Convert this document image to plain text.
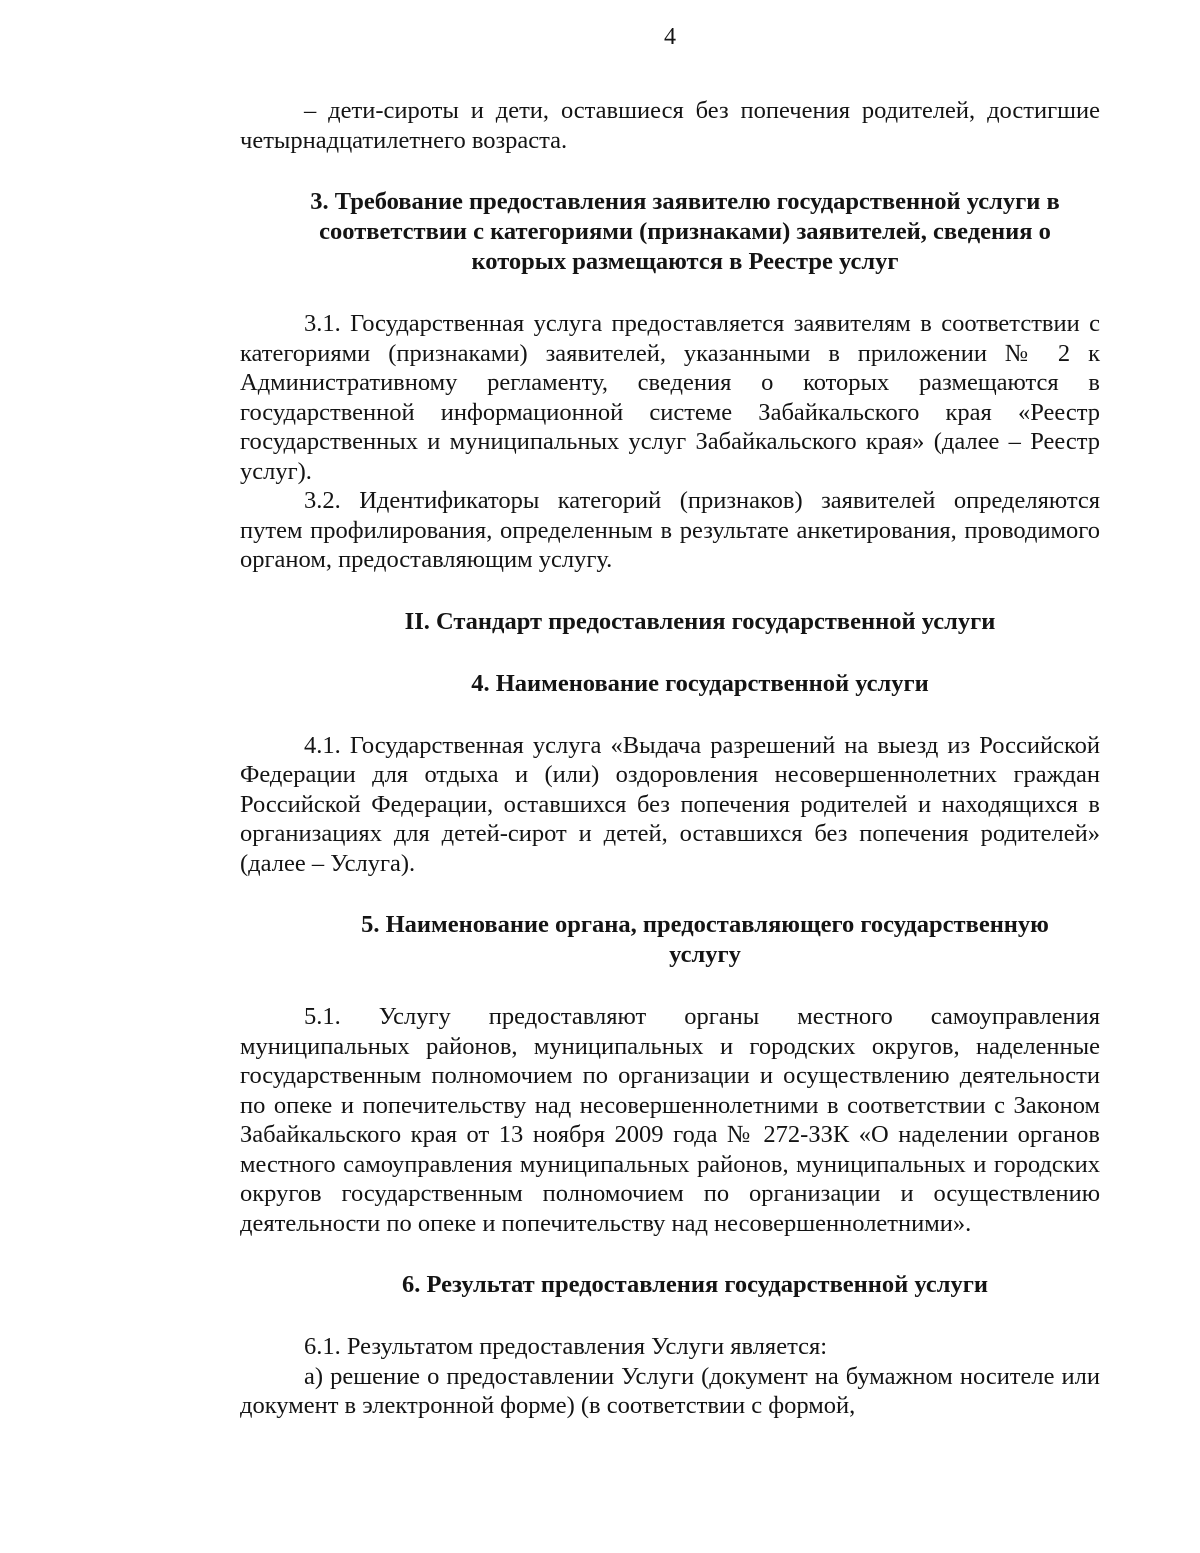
4

– дети-сироты и дети, оставшиеся без попечения родителей, достигшие четырнадцатилетнего возраста.

3. Требование предоставления заявителю государственной услуги в соответствии с категориями (признаками) заявителей, сведения о которых размещаются в Реестре услуг

3.1. Государственная услуга предоставляется заявителям в соответствии с категориями (признаками) заявителей, указанными в приложении № 2 к Административному регламенту, сведения о которых размещаются в государственной информационной системе Забайкальского края «Реестр государственных и муниципальных услуг Забайкальского края» (далее – Реестр услуг).

3.2. Идентификаторы категорий (признаков) заявителей определяются путем профилирования, определенным в результате анкетирования, проводимого органом, предоставляющим услугу.

II. Стандарт предоставления государственной услуги
4. Наименование государственной услуги

4.1. Государственная услуга «Выдача разрешений на выезд из Российской Федерации для отдыха и (или) оздоровления несовершеннолетних граждан Российской Федерации, оставшихся без попечения родителей и находящихся в организациях для детей-сирот и детей, оставшихся без попечения родителей» (далее – Услуга).

5. Наименование органа, предоставляющего государственную услугу

5.1. Услугу предоставляют органы местного самоуправления муниципальных районов, муниципальных и городских округов, наделенные государственным полномочием по организации и осуществлению деятельности по опеке и попечительству над несовершеннолетними в соответствии с Законом Забайкальского края от 13 ноября 2009 года № 272-ЗЗК «О наделении органов местного самоуправления муниципальных районов, муниципальных и городских округов государственным полномочием по организации и осуществлению деятельности по опеке и попечительству над несовершеннолетними».

6. Результат предоставления государственной услуги

6.1. Результатом предоставления Услуги является:

а) решение о предоставлении Услуги (документ на бумажном носителе или документ в электронной форме) (в соответствии с формой,
